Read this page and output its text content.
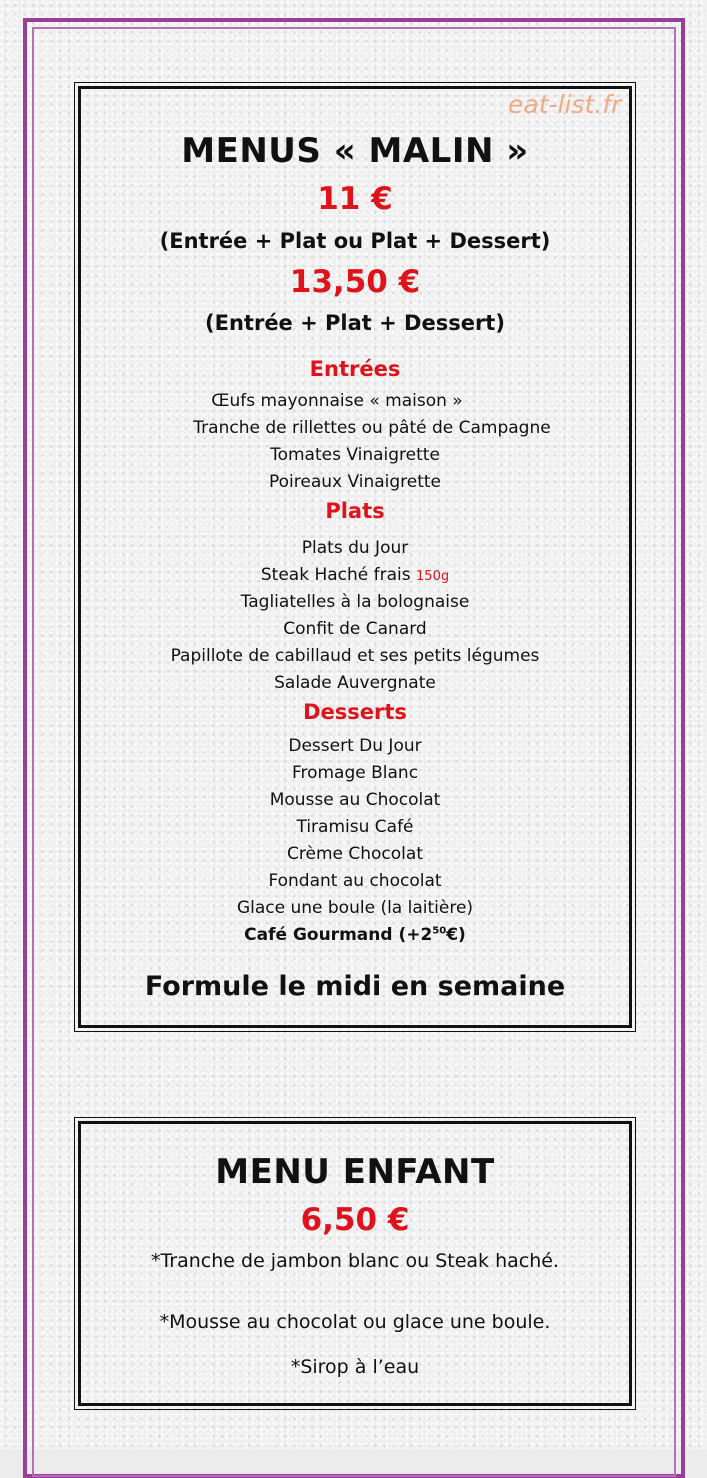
eat-list.fr
MENUS « MALIN »
11 €
(Entrée + Plat ou Plat + Dessert)
13,50 €
(Entrée + Plat + Dessert)
Entrées
Œufs mayonnaise « maison »
Tranche de rillettes ou pâté de Campagne
Tomates Vinaigrette
Poireaux Vinaigrette
Plats
Plats du Jour
Steak Haché frais 150g
Tagliatelles à la bolognaise
Confit de Canard
Papillote de cabillaud et ses petits légumes
Salade Auvergnate
Desserts
Dessert Du Jour
Fromage Blanc
Mousse au Chocolat
Tiramisu Café
Crème Chocolat
Fondant au chocolat
Glace une boule (la laitière)
Café Gourmand $(+2^{50}€)$
Formule le midi en semaine
MENU ENFANT
6,50 €
*Tranche de jambon blanc ou Steak haché.
*Mousse au chocolat ou glace une boule.
*Sirop à l’eau
